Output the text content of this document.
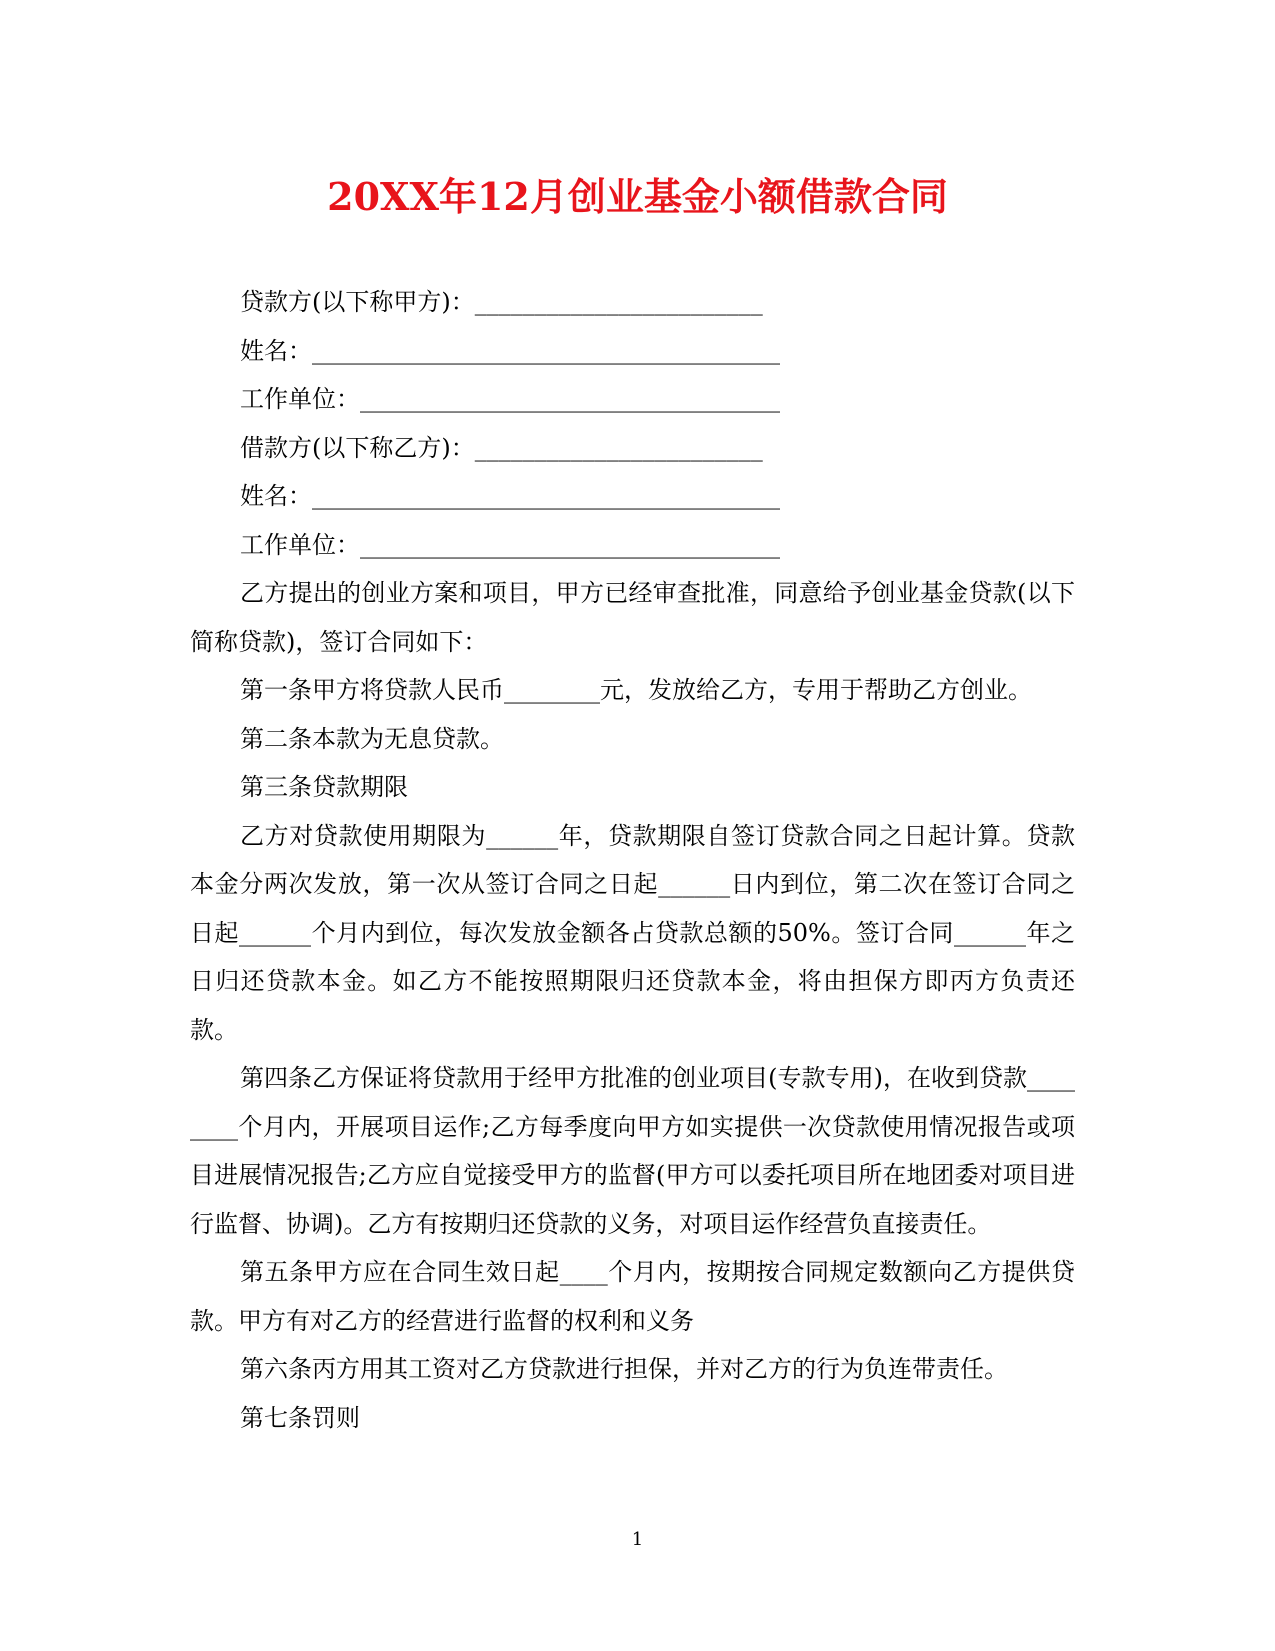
20XX年12月创业基金小额借款合同

贷款方(以下称甲方)：________________________

姓名：_______________________________________

工作单位：___________________________________

借款方(以下称乙方)：________________________

姓名：_______________________________________

工作单位：___________________________________

乙方提出的创业方案和项目，甲方已经审查批准，同意给予创业基金贷款(以下简称贷款)，签订合同如下：

第一条甲方将贷款人民币________元，发放给乙方，专用于帮助乙方创业。

第二条本款为无息贷款。

第三条贷款期限

乙方对贷款使用期限为______年，贷款期限自签订贷款合同之日起计算。贷款本金分两次发放，第一次从签订合同之日起______日内到位，第二次在签订合同之日起______个月内到位，每次发放金额各占贷款总额的50%。签订合同______年之日归还贷款本金。如乙方不能按照期限归还贷款本金，将由担保方即丙方负责还款。

第四条乙方保证将贷款用于经甲方批准的创业项目(专款专用)，在收到贷款________个月内，开展项目运作;乙方每季度向甲方如实提供一次贷款使用情况报告或项目进展情况报告;乙方应自觉接受甲方的监督(甲方可以委托项目所在地团委对项目进行监督、协调)。乙方有按期归还贷款的义务，对项目运作经营负直接责任。

第五条甲方应在合同生效日起____个月内，按期按合同规定数额向乙方提供贷款。甲方有对乙方的经营进行监督的权利和义务

第六条丙方用其工资对乙方贷款进行担保，并对乙方的行为负连带责任。

第七条罚则

1
